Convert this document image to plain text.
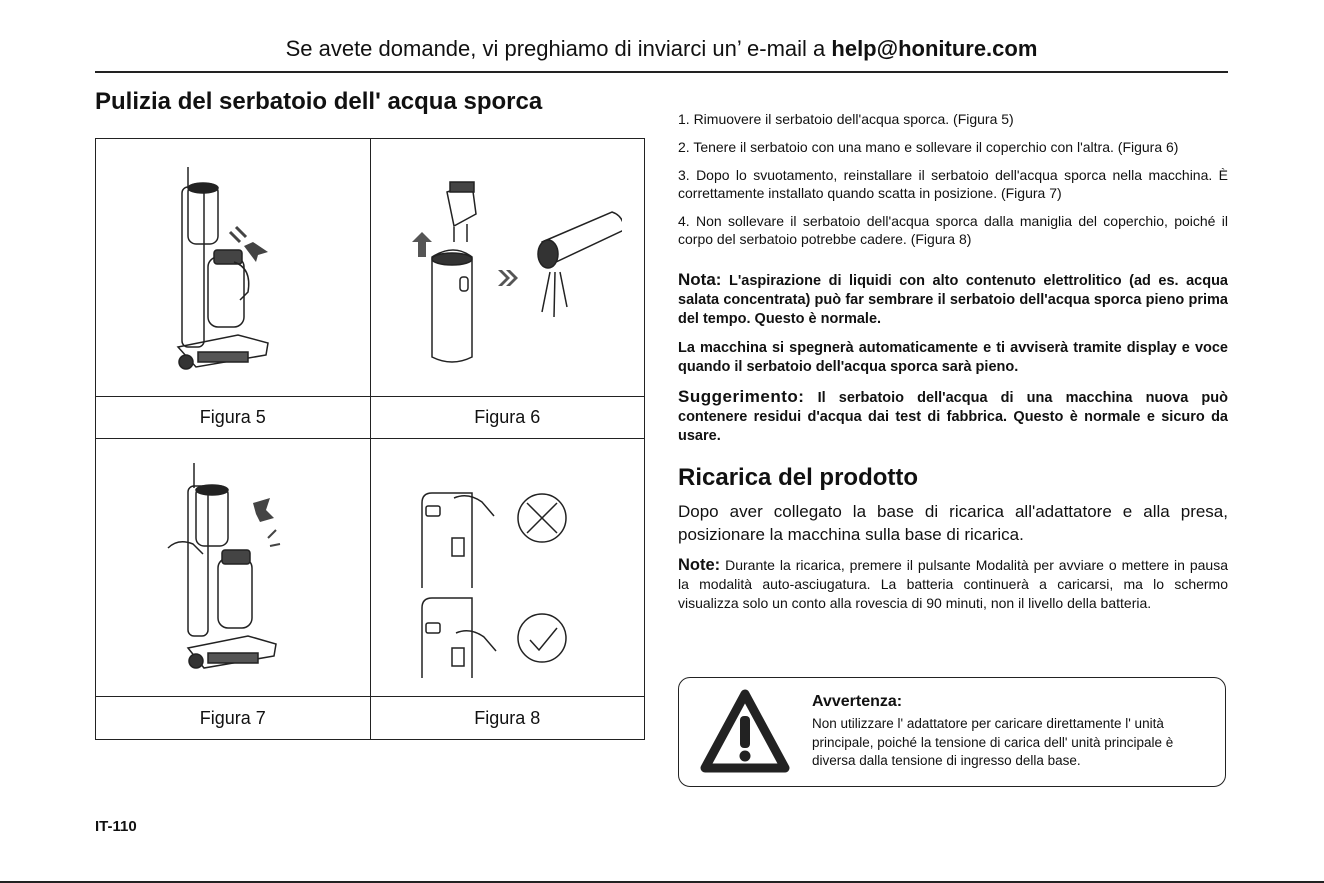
Se avete domande, vi preghiamo di inviarci un’ e-mail a help@honiture.com
Pulizia del serbatoio dell' acqua sporca

Figura 5	Figura 6

Figura 7	Figura 8

1. Rimuovere il serbatoio dell'acqua sporca. (Figura 5)

2. Tenere il serbatoio con una mano e sollevare il coperchio con l'altra. (Figura 6)

3. Dopo lo svuotamento, reinstallare il serbatoio dell'acqua sporca nella macchina. È correttamente installato quando scatta in posizione. (Figura 7)

4. Non sollevare il serbatoio dell'acqua sporca dalla maniglia del coperchio, poiché il corpo del serbatoio potrebbe cadere. (Figura 8)

Nota: L'aspirazione di liquidi con alto contenuto elettrolitico (ad es. acqua salata concentrata) può far sembrare il serbatoio dell'acqua sporca pieno prima del tempo. Questo è normale.

La macchina si spegnerà automaticamente e ti avviserà tramite display e voce quando il serbatoio dell'acqua sporca sarà pieno.

Suggerimento: Il serbatoio dell'acqua di una macchina nuova può contenere residui d'acqua dai test di fabbrica. Questo è normale e sicuro da usare.

Ricarica del prodotto

Dopo aver collegato la base di ricarica all'adattatore e alla presa, posizionare la macchina sulla base di ricarica.

Note: Durante la ricarica, premere il pulsante Modalità per avviare o mettere in pausa la modalità auto-asciugatura. La batteria continuerà a caricarsi, ma lo schermo visualizza solo un conto alla rovescia di 90 minuti, non il livello della batteria.

Avvertenza:

Non utilizzare l' adattatore per caricare direttamente l' unità principale, poiché la tensione di carica dell' unità principale è diversa dalla tensione di ingresso della base.

IT-110
